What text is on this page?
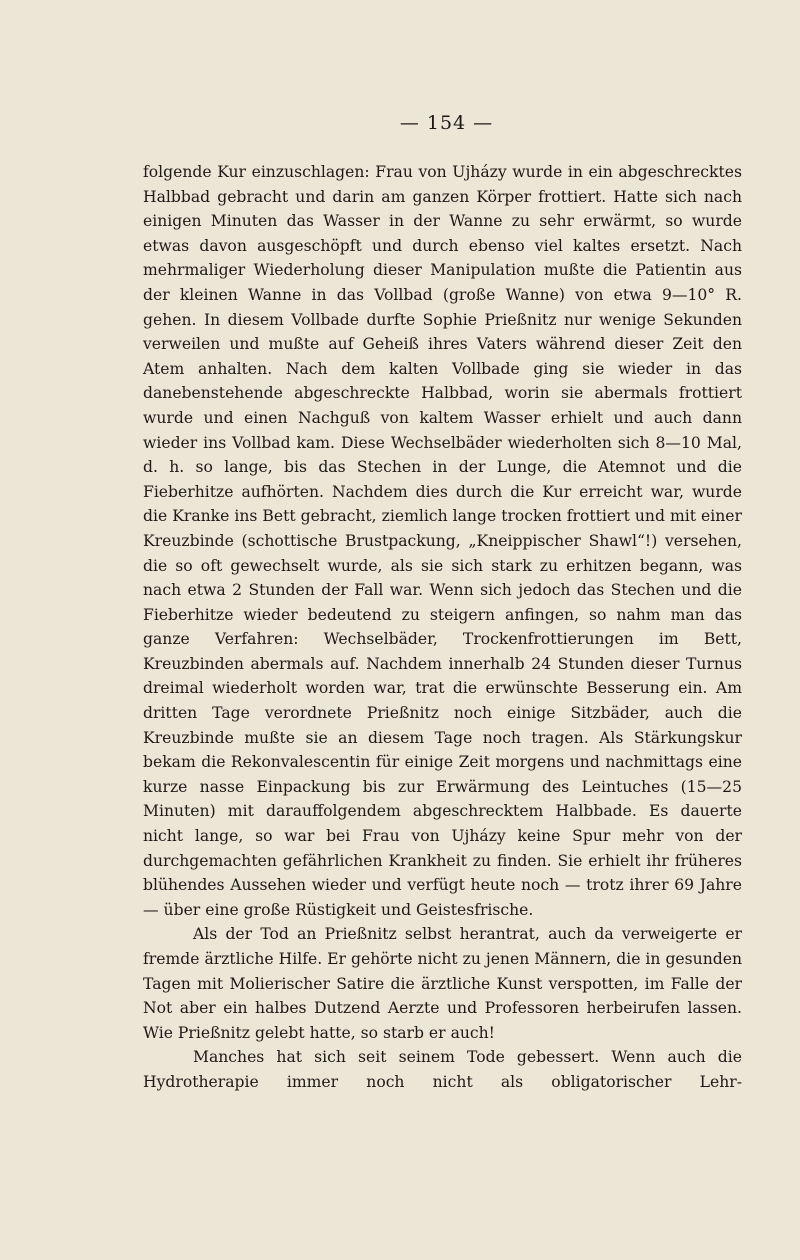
— 154 —

folgende Kur einzuschlagen: Frau von Ujházy wurde in ein abgeschrecktes Halbbad gebracht und darin am ganzen Körper frottiert. Hatte sich nach einigen Minuten das Wasser in der Wanne zu sehr erwärmt, so wurde etwas davon ausgeschöpft und durch ebenso viel kaltes ersetzt. Nach mehrmaliger Wiederholung dieser Manipulation mußte die Patientin aus der kleinen Wanne in das Vollbad (große Wanne) von etwa 9—10° R. gehen. In diesem Vollbade durfte Sophie Prießnitz nur wenige Sekunden verweilen und mußte auf Geheiß ihres Vaters während dieser Zeit den Atem anhalten. Nach dem kalten Vollbade ging sie wieder in das danebenstehende abgeschreckte Halbbad, worin sie abermals frottiert wurde und einen Nachguß von kaltem Wasser erhielt und auch dann wieder ins Vollbad kam. Diese Wechselbäder wiederholten sich 8—10 Mal, d. h. so lange, bis das Stechen in der Lunge, die Atemnot und die Fieberhitze aufhörten. Nachdem dies durch die Kur erreicht war, wurde die Kranke ins Bett gebracht, ziemlich lange trocken frottiert und mit einer Kreuzbinde (schottische Brustpackung, „Kneippischer Shawl“!) versehen, die so oft gewechselt wurde, als sie sich stark zu erhitzen begann, was nach etwa 2 Stunden der Fall war. Wenn sich jedoch das Stechen und die Fieberhitze wieder bedeutend zu steigern anfingen, so nahm man das ganze Verfahren: Wechselbäder, Trockenfrottierungen im Bett, Kreuzbinden abermals auf. Nachdem innerhalb 24 Stunden dieser Turnus dreimal wiederholt worden war, trat die erwünschte Besserung ein. Am dritten Tage verordnete Prießnitz noch einige Sitzbäder, auch die Kreuzbinde mußte sie an diesem Tage noch tragen. Als Stärkungskur bekam die Rekonvalescentin für einige Zeit morgens und nachmittags eine kurze nasse Einpackung bis zur Erwärmung des Leintuches (15—25 Minuten) mit darauffolgendem abgeschrecktem Halbbade. Es dauerte nicht lange, so war bei Frau von Ujházy keine Spur mehr von der durchgemachten gefährlichen Krankheit zu finden. Sie erhielt ihr früheres blühendes Aussehen wieder und verfügt heute noch — trotz ihrer 69 Jahre — über eine große Rüstigkeit und Geistesfrische.

Als der Tod an Prießnitz selbst herantrat, auch da verweigerte er fremde ärztliche Hilfe. Er gehörte nicht zu jenen Männern, die in gesunden Tagen mit Molierischer Satire die ärztliche Kunst verspotten, im Falle der Not aber ein halbes Dutzend Aerzte und Professoren herbeirufen lassen. Wie Prießnitz gelebt hatte, so starb er auch!

Manches hat sich seit seinem Tode gebessert. Wenn auch die Hydrotherapie immer noch nicht als obligatorischer Lehr-
